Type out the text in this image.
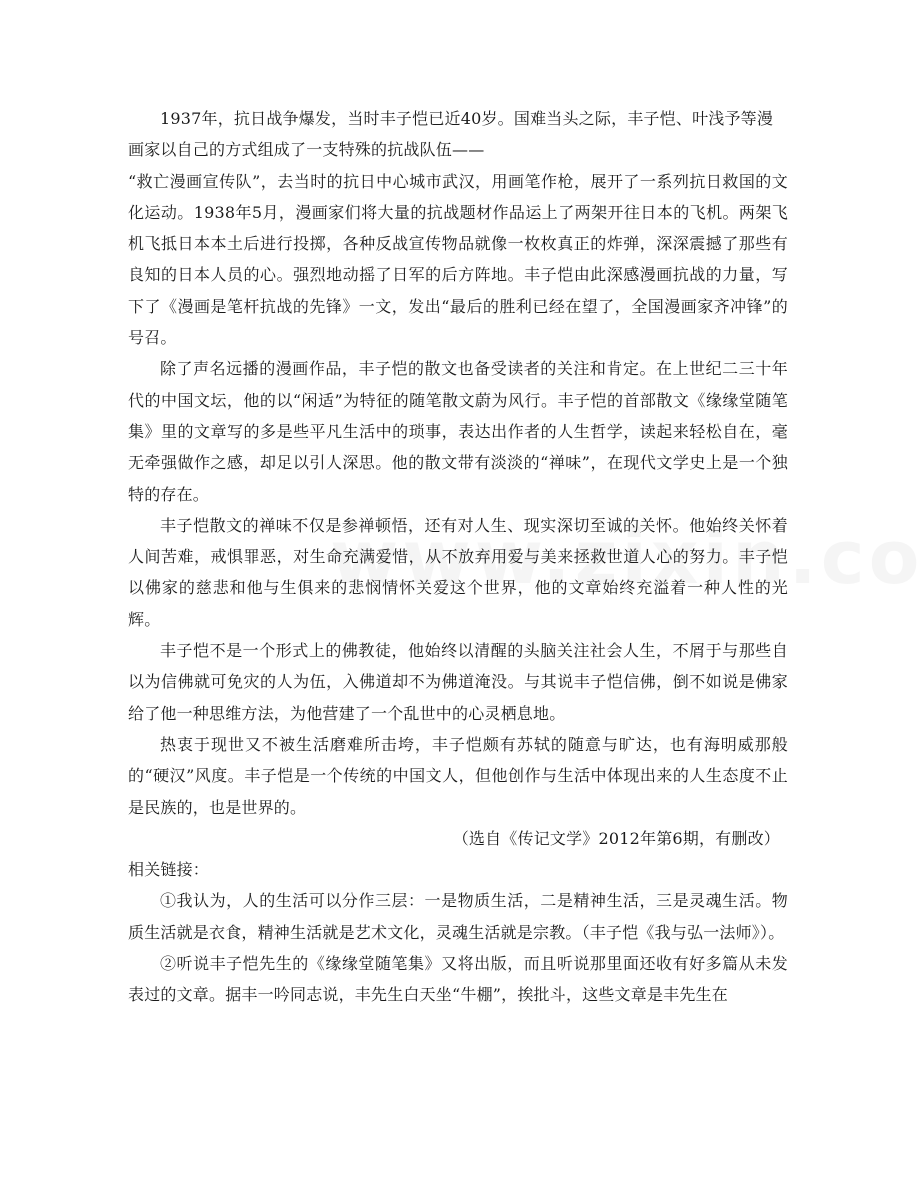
1937年，抗日战争爆发，当时丰子恺已近40岁。国难当头之际，丰子恺、叶浅予等漫画家以自己的方式组成了一支特殊的抗战队伍——

“救亡漫画宣传队”，去当时的抗日中心城市武汉，用画笔作枪，展开了一系列抗日救国的文化运动。1938年5月，漫画家们将大量的抗战题材作品运上了两架开往日本的飞机。两架飞机飞抵日本本土后进行投掷，各种反战宣传物品就像一枚枚真正的炸弹，深深震撼了那些有良知的日本人员的心。强烈地动摇了日军的后方阵地。丰子恺由此深感漫画抗战的力量，写下了《漫画是笔杆抗战的先锋》一文，发出“最后的胜利已经在望了，全国漫画家齐冲锋”的号召。

除了声名远播的漫画作品，丰子恺的散文也备受读者的关注和肯定。在上世纪二三十年代的中国文坛，他的以“闲适”为特征的随笔散文蔚为风行。丰子恺的首部散文《缘缘堂随笔集》里的文章写的多是些平凡生活中的琐事，表达出作者的人生哲学，读起来轻松自在，毫无牵强做作之感，却足以引人深思。他的散文带有淡淡的“禅味”，在现代文学史上是一个独特的存在。

丰子恺散文的禅味不仅是参禅顿悟，还有对人生、现实深切至诚的关怀。他始终关怀着人间苦难，戒惧罪恶，对生命充满爱惜，从不放弃用爱与美来拯救世道人心的努力。丰子恺以佛家的慈悲和他与生俱来的悲悯情怀关爱这个世界，他的文章始终充溢着一种人性的光辉。

丰子恺不是一个形式上的佛教徒，他始终以清醒的头脑关注社会人生，不屑于与那些自以为信佛就可免灾的人为伍，入佛道却不为佛道淹没。与其说丰子恺信佛，倒不如说是佛家给了他一种思维方法，为他营建了一个乱世中的心灵栖息地。

热衷于现世又不被生活磨难所击垮，丰子恺颇有苏轼的随意与旷达，也有海明威那般的“硬汉”风度。丰子恺是一个传统的中国文人，但他创作与生活中体现出来的人生态度不止是民族的，也是世界的。

（选自《传记文学》2012年第6期，有删改）

相关链接：

①我认为，人的生活可以分作三层：一是物质生活，二是精神生活，三是灵魂生活。物质生活就是衣食，精神生活就是艺术文化，灵魂生活就是宗教。（丰子恺《我与弘一法师》）。

②听说丰子恺先生的《缘缘堂随笔集》又将出版，而且听说那里面还收有好多篇从未发表过的文章。据丰一吟同志说，丰先生白天坐“牛棚”，挨批斗，这些文章是丰先生在
